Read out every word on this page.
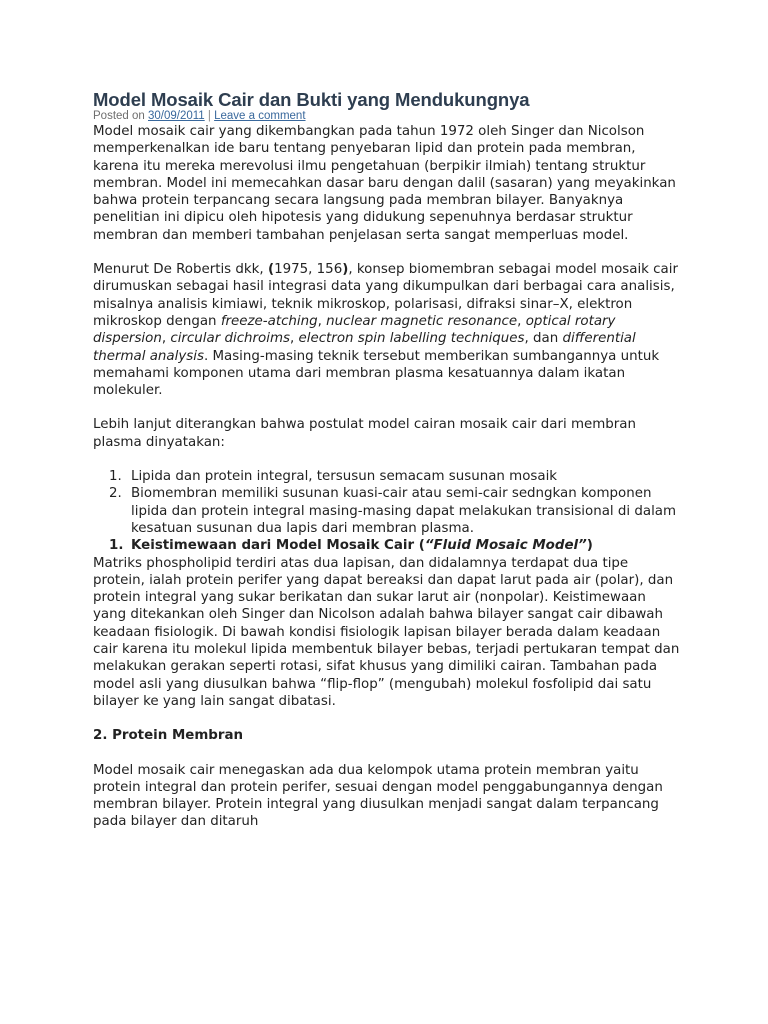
Model Mosaik Cair dan Bukti yang Mendukungnya
Posted on 30/09/2011 | Leave a comment

Model mosaik cair yang dikembangkan pada tahun 1972 oleh Singer dan Nicolson memperkenalkan ide baru tentang penyebaran lipid dan protein pada membran, karena itu mereka merevolusi ilmu pengetahuan (berpikir ilmiah) tentang struktur membran. Model ini memecahkan dasar baru dengan dalil (sasaran) yang meyakinkan bahwa protein terpancang secara langsung pada membran bilayer. Banyaknya penelitian ini dipicu oleh hipotesis yang didukung sepenuhnya berdasar struktur membran dan memberi tambahan penjelasan serta sangat memperluas model.

Menurut De Robertis dkk, (1975, 156), konsep biomembran sebagai model mosaik cair dirumuskan sebagai hasil integrasi data yang dikumpulkan dari berbagai cara analisis, misalnya analisis kimiawi, teknik mikroskop, polarisasi, difraksi sinar–X, elektron mikroskop dengan freeze-atching, nuclear magnetic resonance, optical rotary dispersion, circular dichroims, electron spin labelling techniques, dan differential thermal analysis. Masing-masing teknik tersebut memberikan sumbangannya untuk memahami komponen utama dari membran plasma kesatuannya dalam ikatan molekuler.

Lebih lanjut diterangkan bahwa postulat model cairan mosaik cair dari membran plasma dinyatakan:

1. Lipida dan protein integral, tersusun semacam susunan mosaik
2. Biomembran memiliki susunan kuasi-cair atau semi-cair sedngkan komponen lipida dan protein integral masing-masing dapat melakukan transisional di dalam kesatuan susunan dua lapis dari membran plasma.
1. Keistimewaan dari Model Mosaik Cair (“Fluid Mosaic Model”)

Matriks phospholipid terdiri atas dua lapisan, dan didalamnya terdapat dua tipe protein, ialah protein perifer yang dapat bereaksi dan dapat larut pada air (polar), dan protein integral yang sukar berikatan dan sukar larut air (nonpolar). Keistimewaan yang ditekankan oleh Singer dan Nicolson adalah bahwa bilayer sangat cair dibawah keadaan fisiologik. Di bawah kondisi fisiologik lapisan bilayer berada dalam keadaan cair karena itu molekul lipida membentuk bilayer bebas, terjadi pertukaran tempat dan melakukan gerakan seperti rotasi, sifat khusus yang dimiliki cairan. Tambahan pada model asli yang diusulkan bahwa “flip-flop” (mengubah) molekul fosfolipid dai satu bilayer ke yang lain sangat dibatasi.

2. Protein Membran

Model mosaik cair menegaskan ada dua kelompok utama protein membran yaitu protein integral dan protein perifer, sesuai dengan model penggabungannya dengan membran bilayer. Protein integral yang diusulkan menjadi sangat dalam terpancang pada bilayer dan ditaruh
